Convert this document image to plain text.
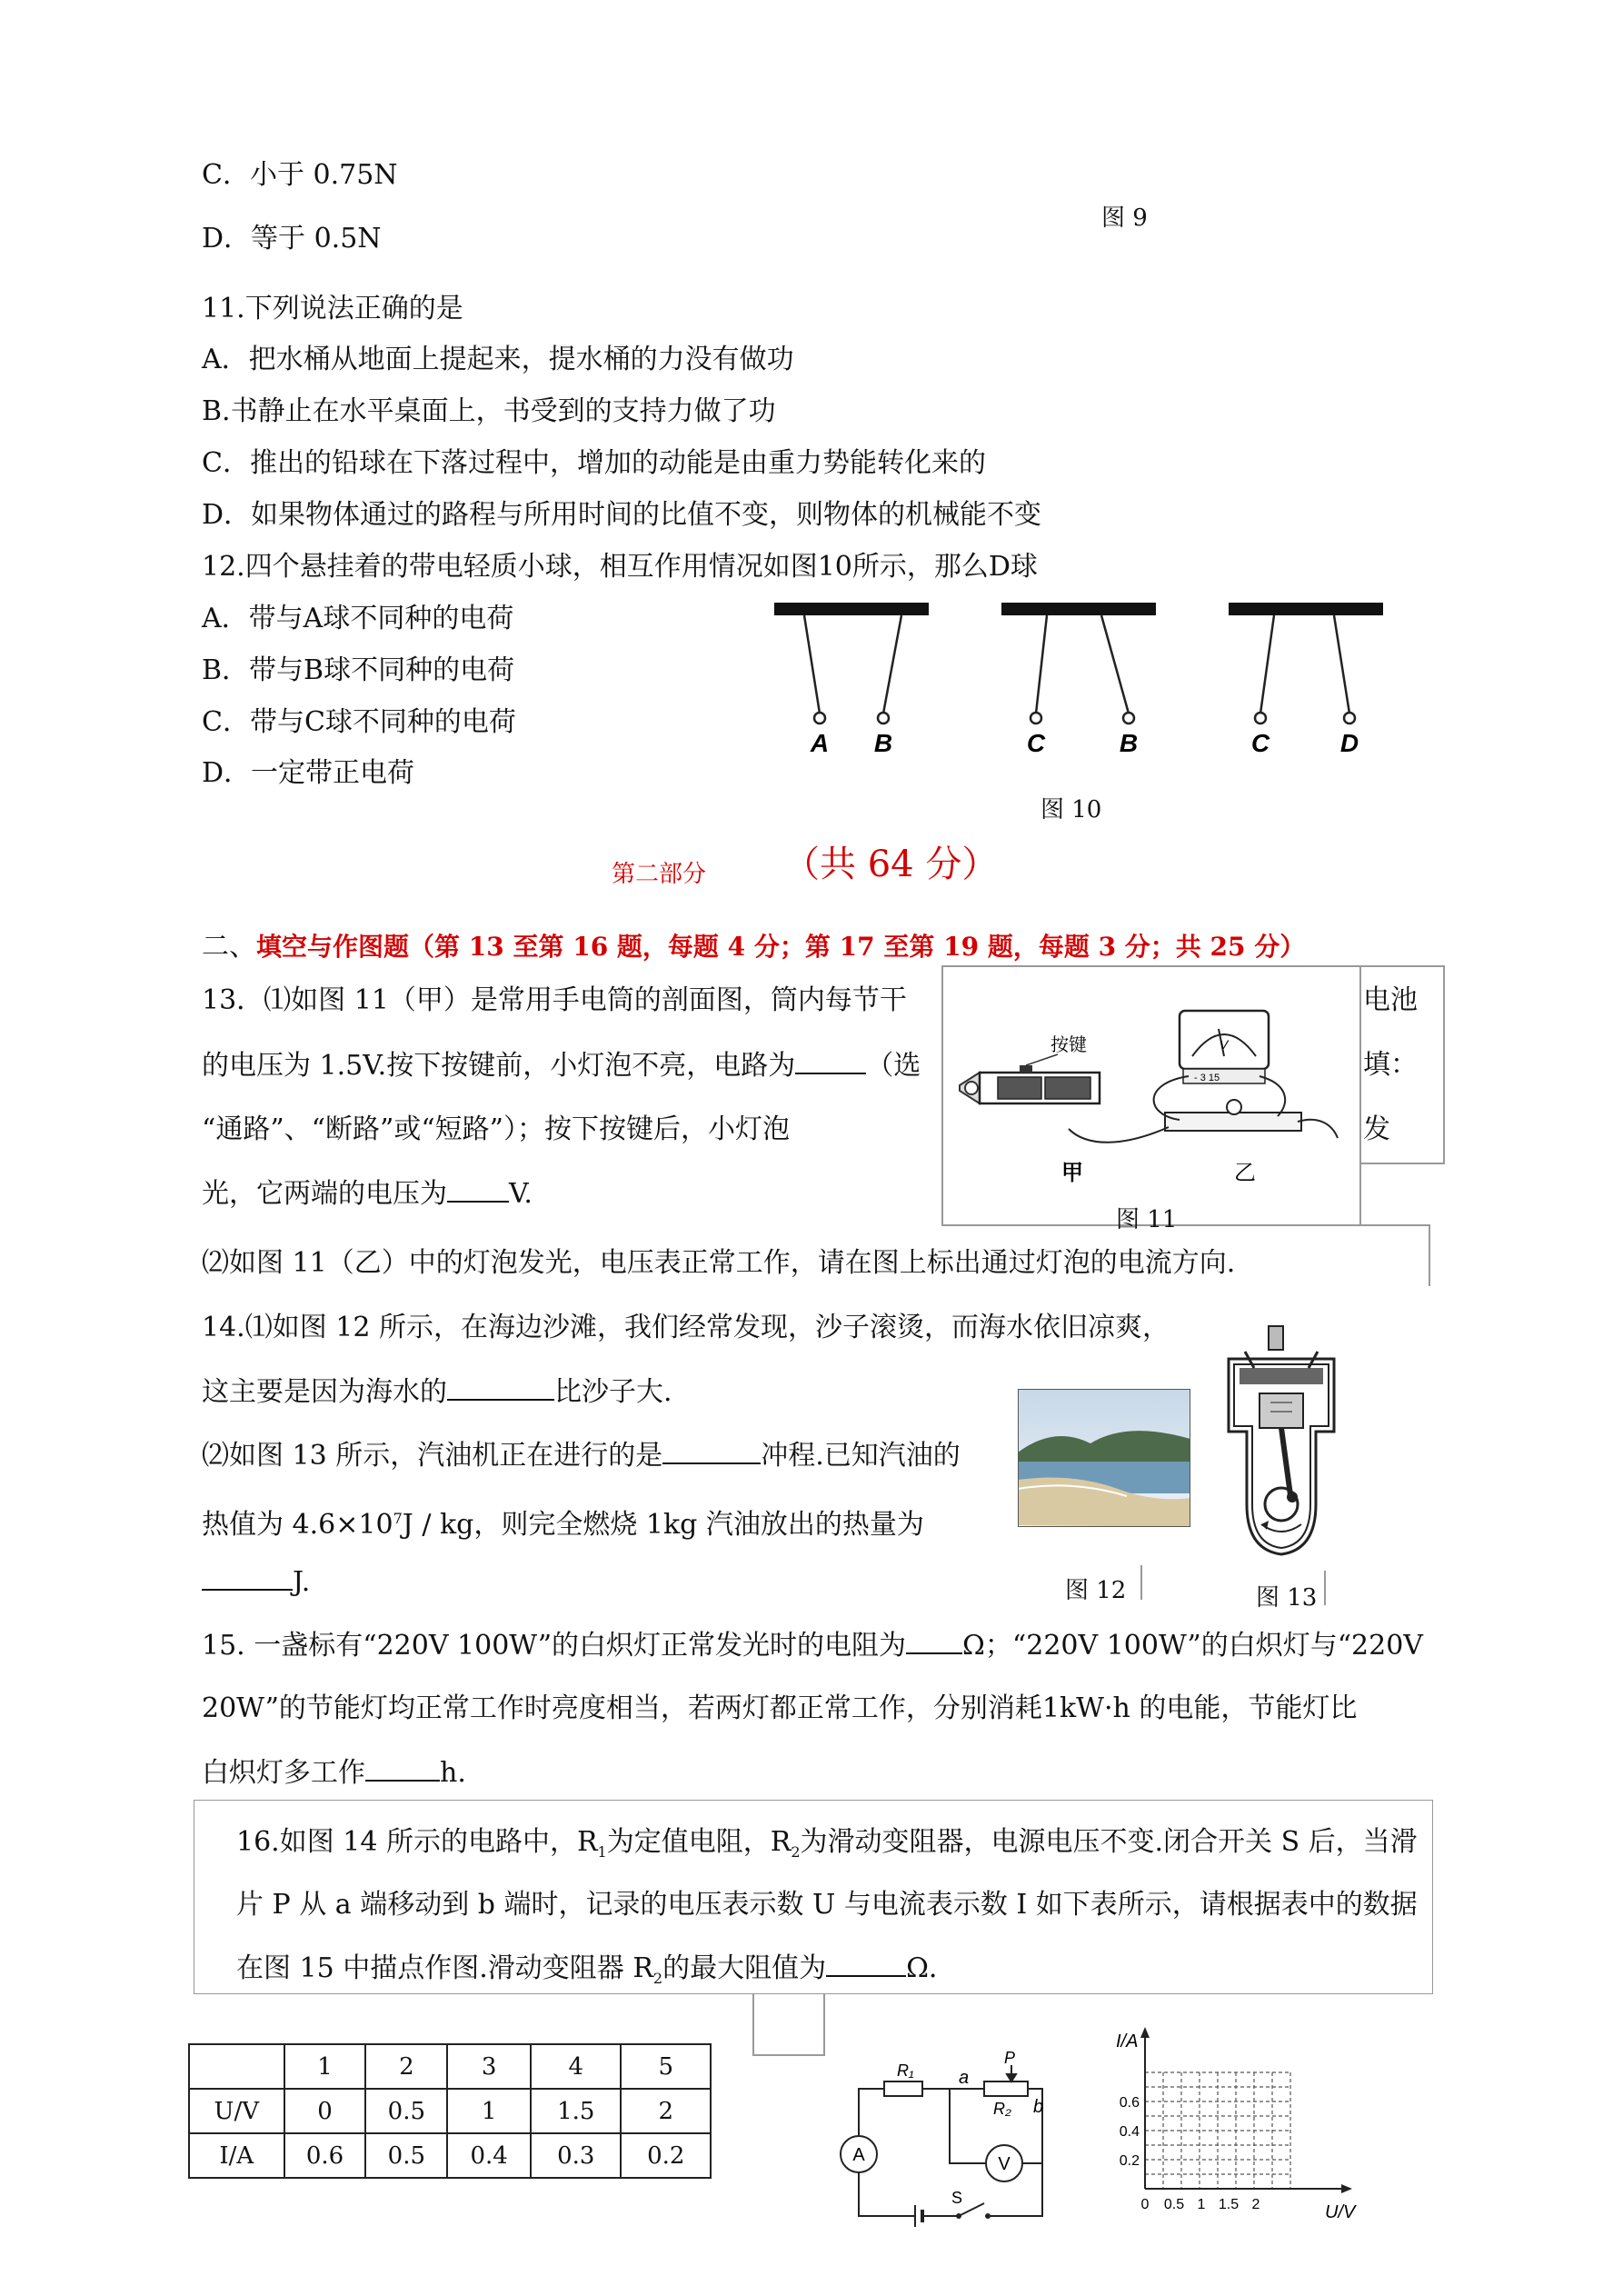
C．小于 0.75N
D．等于 0.5N
图 9
11.下列说法正确的是
A．把水桶从地面上提起来，提水桶的力没有做功
B.书静止在水平桌面上，书受到的支持力做了功
C．推出的铅球在下落过程中，增加的动能是由重力势能转化来的
D．如果物体通过的路程与所用时间的比值不变，则物体的机械能不变
12.四个悬挂着的带电轻质小球，相互作用情况如图10所示，那么D球
A．带与A球不同种的电荷
B．带与B球不同种的电荷
C．带与C球不同种的电荷
D．一定带正电荷
A B	C	B	C	D
图 10
第二部分 （共 64 分）
二、填空与作图题（第 13 至第 16 题，每题 4 分；第 17 至第 19 题，每题 3 分；共 25 分）
13．⑴如图 11（甲）是常用手电筒的剖面图，筒内每节干	电池
的电压为 1.5V.按下按键前，小灯泡不亮，电路为	（选	填：
“通路”、“断路”或“短路”）；按下按键后，小灯泡	发
光，它两端的电压为 V.
⑵如图 11（乙）中的灯泡发光，电压表正常工作，请在图上标出通过灯泡的电流方向.
按键
甲
V
- 3 15
乙
图 11
14.⑴如图 12 所示，在海边沙滩，我们经常发现，沙子滚烫，而海水依旧凉爽，
这主要是因为海水的	比沙子大.
⑵如图 13 所示，汽油机正在进行的是	冲程.已知汽油的
热值为 $4.6\times 10^7J$ / kg，则完全燃烧 1kg 汽油放出的热量为
J.	图 12	图 13
15. 一盏标有“220V 100W”的白炽灯正常发光时的电阻为 Ω；“220V 100W”的白炽灯与“220V
20W”的节能灯均正常工作时亮度相当，若两灯都正常工作，分别消耗1kW·h 的电能，节能灯比
白炽灯多工作	h.
16.如图 14 所示的电路中，$R_1$为定值电阻，$R_2$为滑动变阻器，电源电压不变.闭合开关 S 后，当滑
片 P 从 a 端移动到 b 端时，记录的电压表示数 U 与电流表示数 I 如下表所示，请根据表中的数据
在图 15 中描点作图.滑动变阻器 $R_2$的最大阻值为	Ω．
	1	2	3	4	5
U/V	0	0.5	1	1.5	2
I/A	0.6	0.5	0.4	0.3	0.2
R₁
R₂
a
b
P
A	V
S
I/A
U/V
0.6
0.4
0.2
0 0.5 1 1.5 2
